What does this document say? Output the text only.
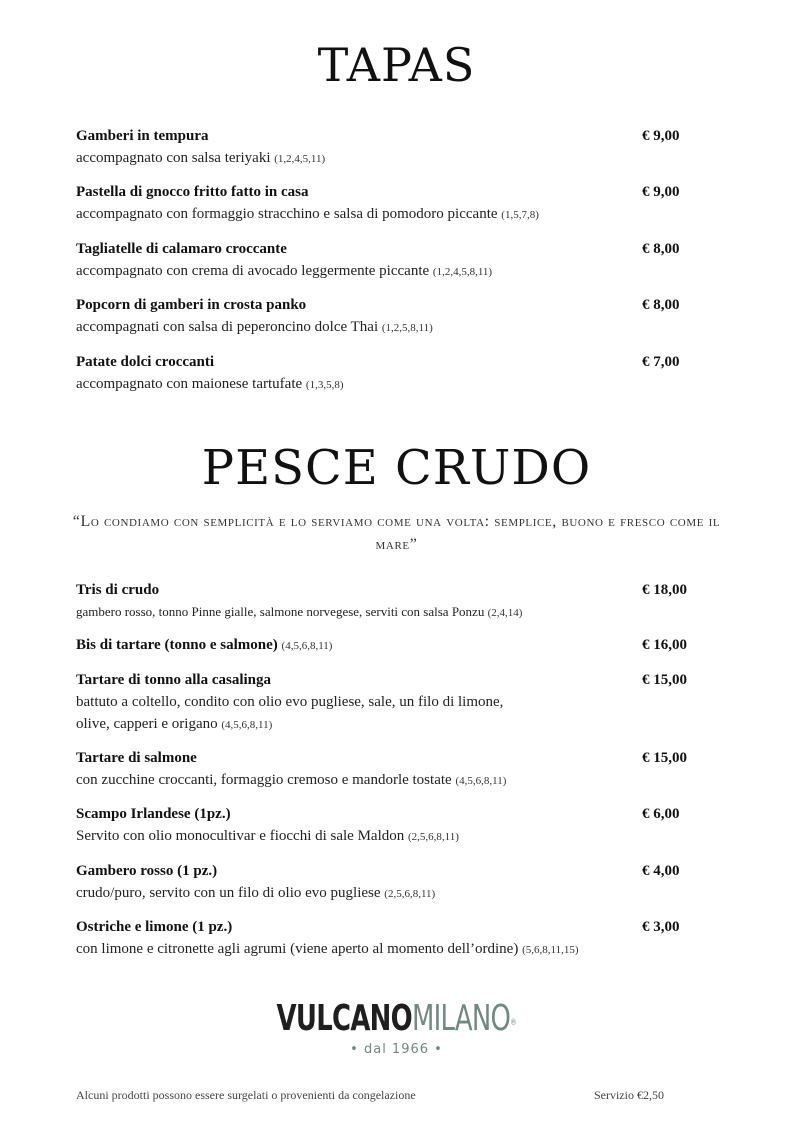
TAPAS
Gamberi in tempura
accompagnato con salsa teriyaki (1,2,4,5,11)
€ 9,00
Pastella di gnocco fritto fatto in casa
accompagnato con formaggio stracchino e salsa di pomodoro piccante (1,5,7,8)
€ 9,00
Tagliatelle di calamaro croccante
accompagnato con crema di avocado leggermente piccante (1,2,4,5,8,11)
€ 8,00
Popcorn di gamberi in crosta panko
accompagnati con salsa di peperoncino dolce Thai (1,2,5,8,11)
€ 8,00
Patate dolci croccanti
accompagnato con maionese tartufate (1,3,5,8)
€ 7,00
PESCE CRUDO
“Lo condiamo con semplicità e lo serviamo come una volta: semplice, buono e fresco come il mare”
Tris di crudo
gambero rosso, tonno Pinne gialle, salmone norvegese, serviti con salsa Ponzu (2,4,14)
€ 18,00
Bis di tartare (tonno e salmone) (4,5,6,8,11)	€ 16,00
Tartare di tonno alla casalinga
battuto a coltello, condito con olio evo pugliese, sale, un filo di limone,
olive, capperi e origano (4,5,6,8,11)
€ 15,00
Tartare di salmone
con zucchine croccanti, formaggio cremoso e mandorle tostate (4,5,6,8,11)
€ 15,00
Scampo Irlandese (1pz.)
Servito con olio monocultivar e fiocchi di sale Maldon (2,5,6,8,11)
€ 6,00
Gambero rosso (1 pz.)
crudo/puro, servito con un filo di olio evo pugliese (2,5,6,8,11)
€ 4,00
Ostriche e limone (1 pz.)
con limone e citronette agli agrumi (viene aperto al momento dell’ordine) (5,6,8,11,15)
€ 3,00
VULCANOMILANO®
• dal 1966 •
Alcuni prodotti possono essere surgelati o provenienti da congelazione	Servizio €2,50
